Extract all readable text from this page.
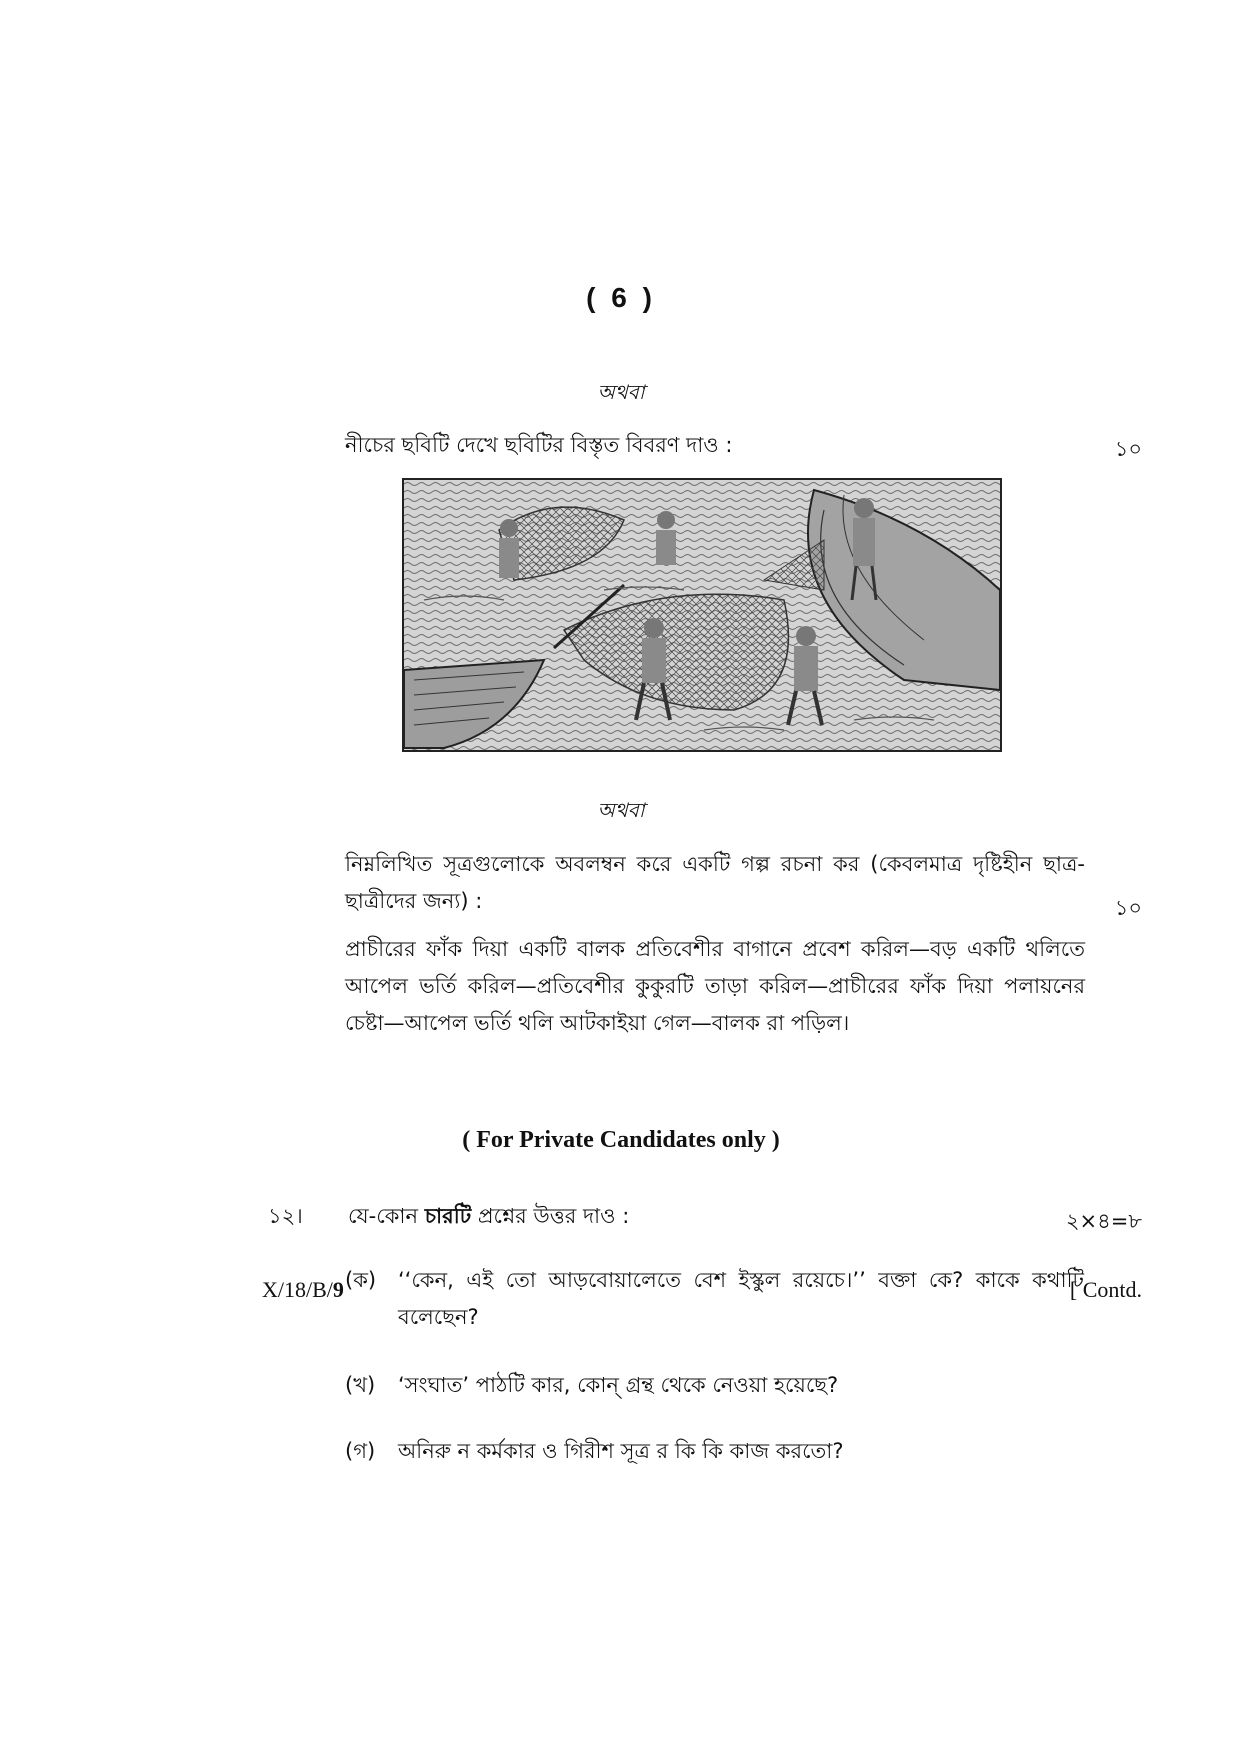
( 6 )
অথবা
নীচের ছবিটি দেখে ছবিটির বিস্তৃত বিবরণ দাও :	১০
অথবা
নিম্নলিখিত সূত্রগুলোকে অবলম্বন করে একটি গল্প রচনা কর (কেবলমাত্র দৃষ্টিহীন ছাত্র-ছাত্রীদের জন্য) :	১০
প্রাচীরের ফাঁক দিয়া একটি বালক প্রতিবেশীর বাগানে প্রবেশ করিল—বড় একটি থলিতে আপেল ভর্তি করিল—প্রতিবেশীর কুকুরটি তাড়া করিল—প্রাচীরের ফাঁক দিয়া পলায়নের চেষ্টা—আপেল ভর্তি থলি আটকাইয়া গেল—বালক রা পড়িল।
( For Private Candidates only )
১২। যে-কোন চারটি প্রশ্নের উত্তর দাও :	২×৪=৮
(ক) ‘‘কেন, এই তো আড়বোয়ালেতে বেশ ইস্কুল রয়েচে।’’ বক্তা কে? কাকে কথাটি বলেছেন?
(খ) ‘সংঘাত’ পাঠটি কার, কোন্ গ্রন্থ থেকে নেওয়া হয়েছে?
(গ) অনিরু ন কর্মকার ও গিরীশ সূত্র র কি কি কাজ করতো?
X/18/B/9	[ Contd.
